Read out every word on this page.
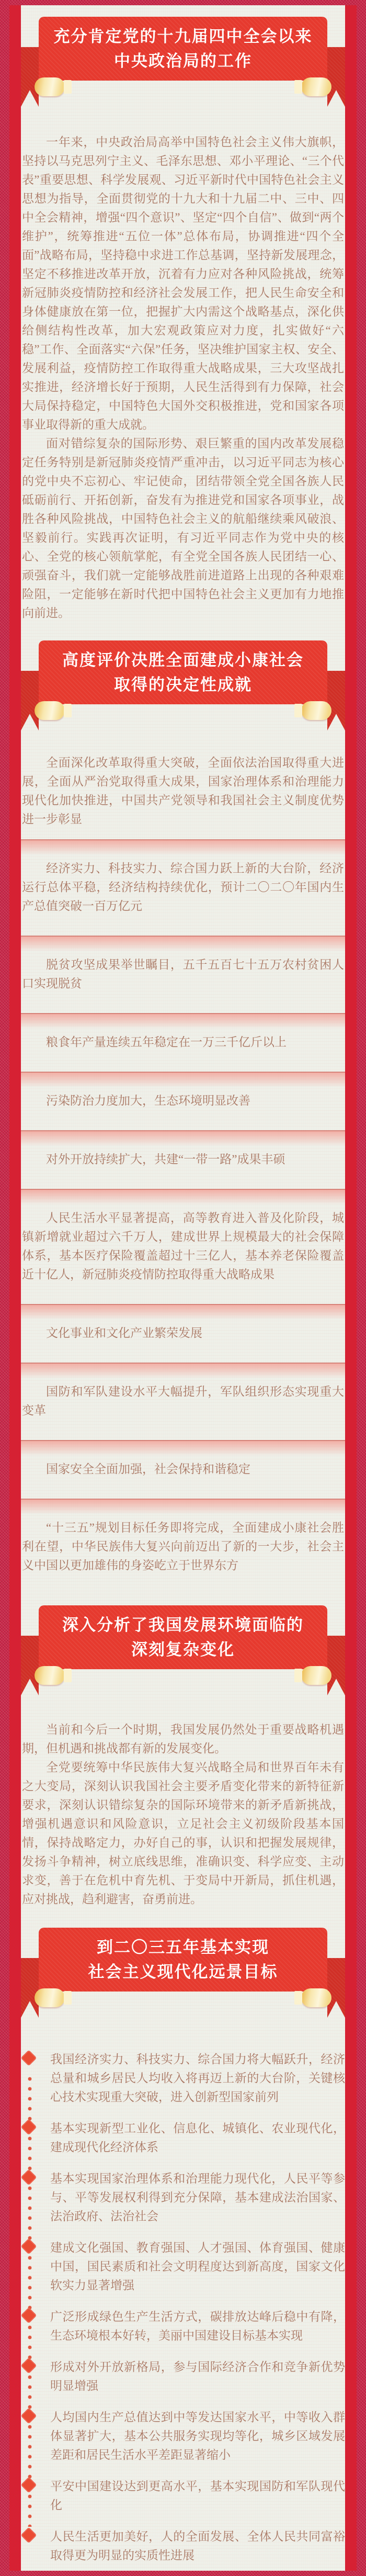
充分肯定党的十九届四中全会以来
中央政治局的工作

一年来，中央政治局高举中国特色社会主义伟大旗帜，坚持以马克思列宁主义、毛泽东思想、邓小平理论、“三个代表”重要思想、科学发展观、习近平新时代中国特色社会主义思想为指导，全面贯彻党的十九大和十九届二中、三中、四中全会精神，增强“四个意识”、坚定“四个自信”、做到“两个维护”，统筹推进“五位一体”总体布局，协调推进“四个全面”战略布局，坚持稳中求进工作总基调，坚持新发展理念，坚定不移推进改革开放，沉着有力应对各种风险挑战，统筹新冠肺炎疫情防控和经济社会发展工作，把人民生命安全和身体健康放在第一位，把握扩大内需这个战略基点，深化供给侧结构性改革，加大宏观政策应对力度，扎实做好“六稳”工作、全面落实“六保”任务，坚决维护国家主权、安全、发展利益，疫情防控工作取得重大战略成果，三大攻坚战扎实推进，经济增长好于预期，人民生活得到有力保障，社会大局保持稳定，中国特色大国外交积极推进，党和国家各项事业取得新的重大成就。

面对错综复杂的国际形势、艰巨繁重的国内改革发展稳定任务特别是新冠肺炎疫情严重冲击，以习近平同志为核心的党中央不忘初心、牢记使命，团结带领全党全国各族人民砥砺前行、开拓创新，奋发有为推进党和国家各项事业，战胜各种风险挑战，中国特色社会主义的航船继续乘风破浪、坚毅前行。实践再次证明，有习近平同志作为党中央的核心、全党的核心领航掌舵，有全党全国各族人民团结一心、顽强奋斗，我们就一定能够战胜前进道路上出现的各种艰难险阻，一定能够在新时代把中国特色社会主义更加有力地推向前进。

高度评价决胜全面建成小康社会
取得的决定性成就

全面深化改革取得重大突破，全面依法治国取得重大进展，全面从严治党取得重大成果，国家治理体系和治理能力现代化加快推进，中国共产党领导和我国社会主义制度优势进一步彰显

经济实力、科技实力、综合国力跃上新的大台阶，经济运行总体平稳，经济结构持续优化，预计二〇二〇年国内生产总值突破一百万亿元

脱贫攻坚成果举世瞩目，五千五百七十五万农村贫困人口实现脱贫

粮食年产量连续五年稳定在一万三千亿斤以上

污染防治力度加大，生态环境明显改善

对外开放持续扩大，共建“一带一路”成果丰硕

人民生活水平显著提高，高等教育进入普及化阶段，城镇新增就业超过六千万人，建成世界上规模最大的社会保障体系，基本医疗保险覆盖超过十三亿人，基本养老保险覆盖近十亿人，新冠肺炎疫情防控取得重大战略成果

文化事业和文化产业繁荣发展

国防和军队建设水平大幅提升，军队组织形态实现重大变革

国家安全全面加强，社会保持和谐稳定

“十三五”规划目标任务即将完成，全面建成小康社会胜利在望，中华民族伟大复兴向前迈出了新的一大步，社会主义中国以更加雄伟的身姿屹立于世界东方

深入分析了我国发展环境面临的
深刻复杂变化

当前和今后一个时期，我国发展仍然处于重要战略机遇期，但机遇和挑战都有新的发展变化。

全党要统筹中华民族伟大复兴战略全局和世界百年未有之大变局，深刻认识我国社会主要矛盾变化带来的新特征新要求，深刻认识错综复杂的国际环境带来的新矛盾新挑战，增强机遇意识和风险意识，立足社会主义初级阶段基本国情，保持战略定力，办好自己的事，认识和把握发展规律，发扬斗争精神，树立底线思维，准确识变、科学应变、主动求变，善于在危机中育先机、于变局中开新局，抓住机遇，应对挑战，趋利避害，奋勇前进。

到二〇三五年基本实现
社会主义现代化远景目标

我国经济实力、科技实力、综合国力将大幅跃升，经济总量和城乡居民人均收入将再迈上新的大台阶，关键核心技术实现重大突破，进入创新型国家前列

基本实现新型工业化、信息化、城镇化、农业现代化，建成现代化经济体系

基本实现国家治理体系和治理能力现代化，人民平等参与、平等发展权利得到充分保障，基本建成法治国家、法治政府、法治社会

建成文化强国、教育强国、人才强国、体育强国、健康中国，国民素质和社会文明程度达到新高度，国家文化软实力显著增强

广泛形成绿色生产生活方式，碳排放达峰后稳中有降，生态环境根本好转，美丽中国建设目标基本实现

形成对外开放新格局，参与国际经济合作和竞争新优势明显增强

人均国内生产总值达到中等发达国家水平，中等收入群体显著扩大，基本公共服务实现均等化，城乡区域发展差距和居民生活水平差距显著缩小

平安中国建设达到更高水平，基本实现国防和军队现代化

人民生活更加美好，人的全面发展、全体人民共同富裕取得更为明显的实质性进展
